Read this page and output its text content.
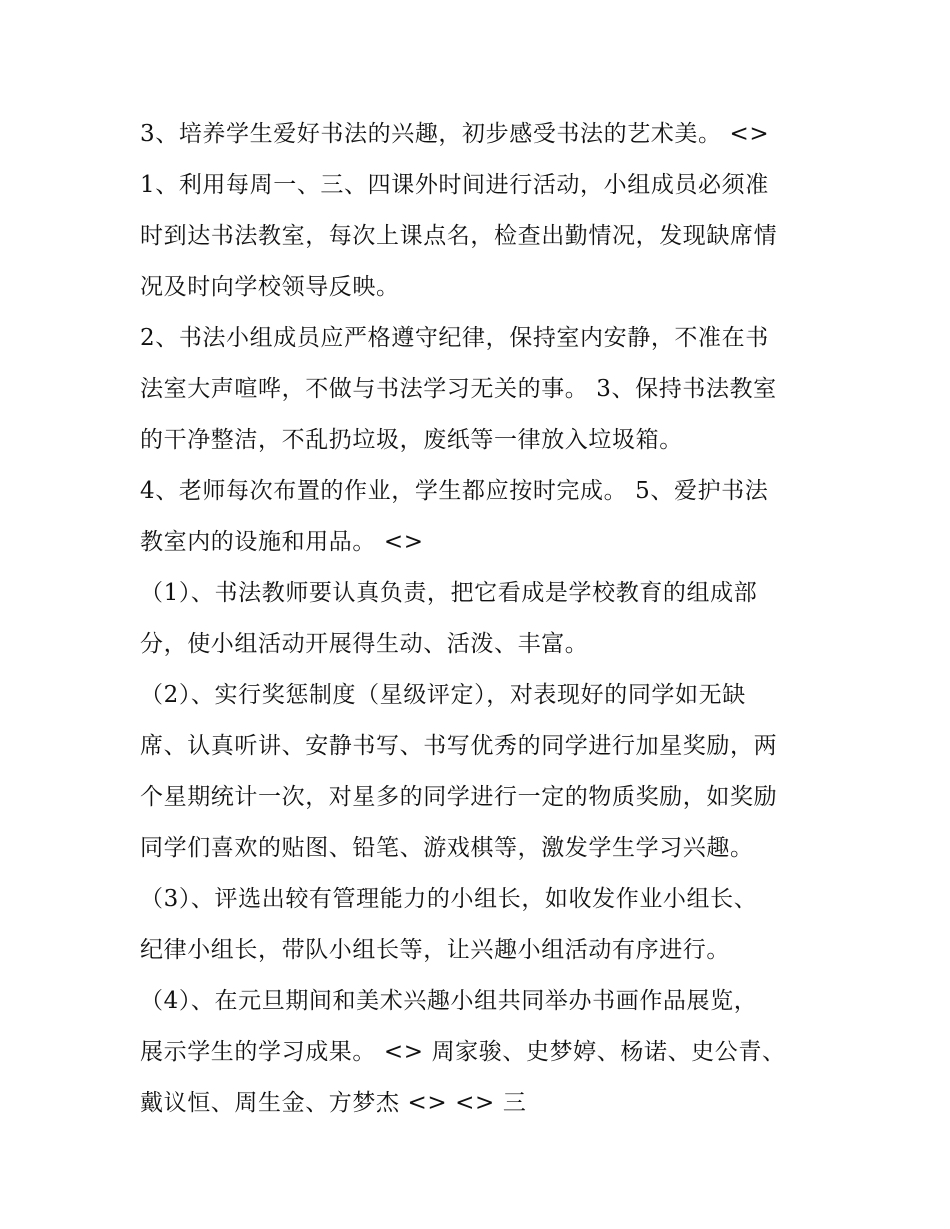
3、培养学生爱好书法的兴趣，初步感受书法的艺术美。 <>
1、利用每周一、三、四课外时间进行活动，小组成员必须准
时到达书法教室，每次上课点名，检查出勤情况，发现缺席情
况及时向学校领导反映。
2、书法小组成员应严格遵守纪律，保持室内安静，不准在书
法室大声喧哗，不做与书法学习无关的事。 3、保持书法教室
的干净整洁，不乱扔垃圾，废纸等一律放入垃圾箱。
4、老师每次布置的作业，学生都应按时完成。 5、爱护书法
教室内的设施和用品。 <>
（1）、书法教师要认真负责，把它看成是学校教育的组成部
分，使小组活动开展得生动、活泼、丰富。
（2）、实行奖惩制度（星级评定），对表现好的同学如无缺
席、认真听讲、安静书写、书写优秀的同学进行加星奖励，两
个星期统计一次，对星多的同学进行一定的物质奖励，如奖励
同学们喜欢的贴图、铅笔、游戏棋等，激发学生学习兴趣。
（3）、评选出较有管理能力的小组长，如收发作业小组长、
纪律小组长，带队小组长等，让兴趣小组活动有序进行。
（4）、在元旦期间和美术兴趣小组共同举办书画作品展览，
展示学生的学习成果。 <> 周家骏、史梦婷、杨诺、史公青、
戴议恒、周生金、方梦杰 <> <> 三
